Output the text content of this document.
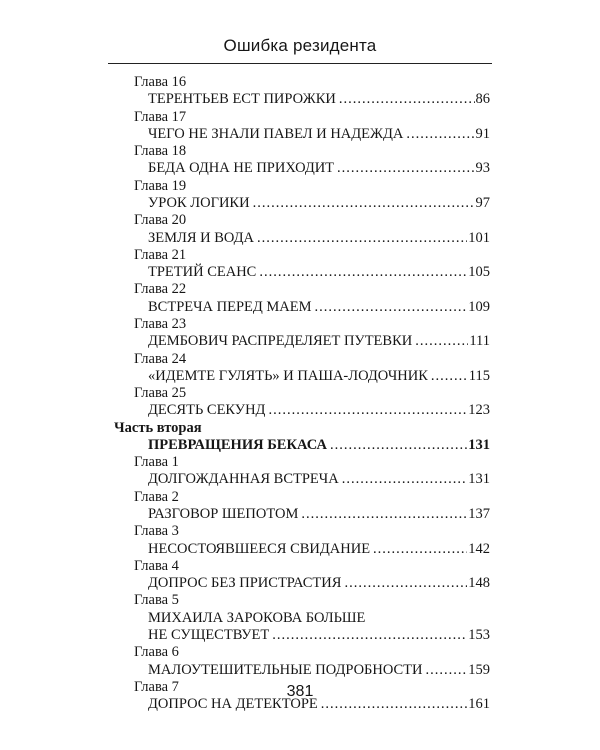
Ошибка резидента
Глава 16
ТЕРЕНТЬЕВ ЕСТ ПИРОЖКИ .....	86
Глава 17
ЧЕГО НЕ ЗНАЛИ ПАВЕЛ И НАДЕЖДА .....	91
Глава 18
БЕДА ОДНА НЕ ПРИХОДИТ .....	93
Глава 19
УРОК ЛОГИКИ .....	97
Глава 20
ЗЕМЛЯ И ВОДА .....	101
Глава 21
ТРЕТИЙ СЕАНС .....	105
Глава 22
ВСТРЕЧА ПЕРЕД МАЕМ .....	109
Глава 23
ДЕМБОВИЧ РАСПРЕДЕЛЯЕТ ПУТЕВКИ .....	111
Глава 24
«ИДЕМТЕ ГУЛЯТЬ» И ПАША-ЛОДОЧНИК .....	115
Глава 25
ДЕСЯТЬ СЕКУНД .....	123
Часть вторая
ПРЕВРАЩЕНИЯ БЕКАСА .....	131
Глава 1
ДОЛГОЖДАННАЯ ВСТРЕЧА .....	131
Глава 2
РАЗГОВОР ШЕПОТОМ .....	137
Глава 3
НЕСОСТОЯВШЕЕСЯ СВИДАНИЕ .....	142
Глава 4
ДОПРОС БЕЗ ПРИСТРАСТИЯ .....	148
Глава 5
МИХАИЛА ЗАРОКОВА БОЛЬШЕ
НЕ СУЩЕСТВУЕТ .....	153
Глава 6
МАЛОУТЕШИТЕЛЬНЫЕ ПОДРОБНОСТИ .....	159
Глава 7
ДОПРОС НА ДЕТЕКТОРЕ .....	161
381
